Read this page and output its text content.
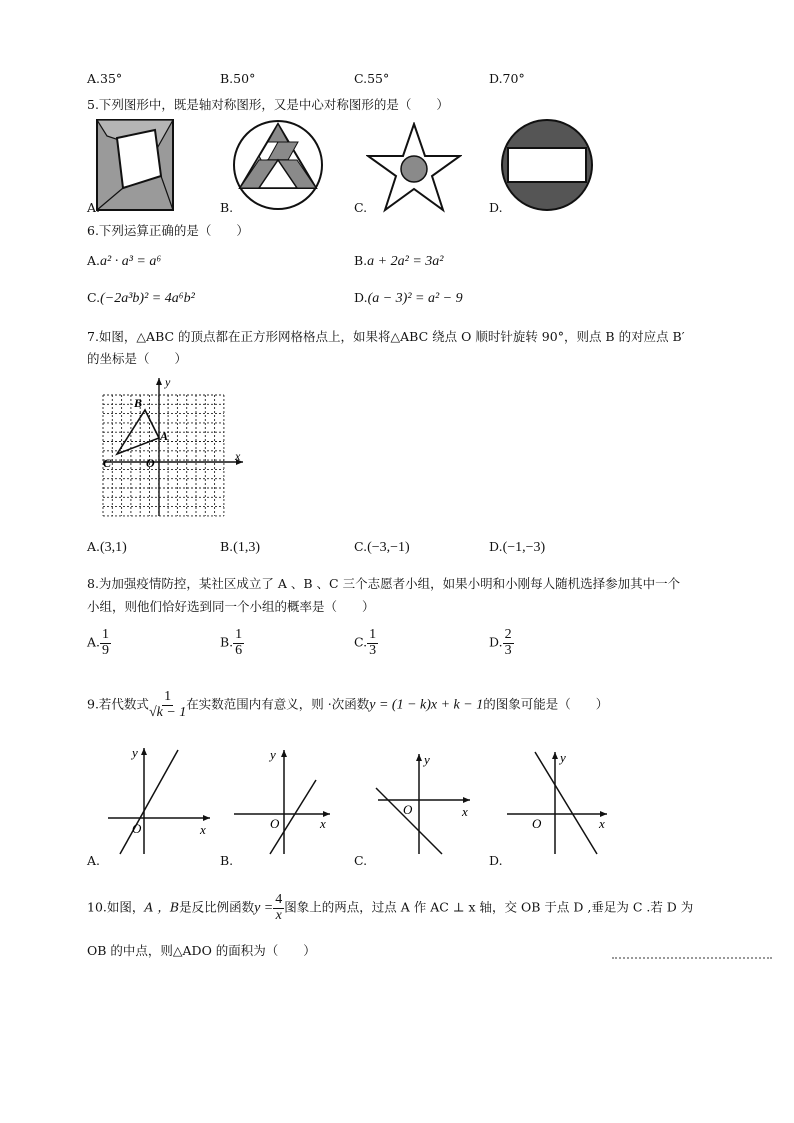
A.35°	B.50°	C.55°	D.70°
5.下列图形中，既是轴对称图形，又是中心对称图形的是（　　）
A.	B.	C.	D.
6.下列运算正确的是（　　）
A.a² · a³ = a⁶	B.a + 2a² = 3a²
C.(−2a³b)² = 4a⁶b²	D.(a − 3)² = a² − 9
7.如图，△ABC 的顶点都在正方形网格格点上，如果将△ABC 绕点 O 顺时针旋转 90°，则点 B 的对应点 B′
的坐标是（　　）
x
y
O
B
A
C
A.(3,1)	B.(1,3)	C.(−3,−1)	D.(−1,−3)
8.为加强疫情防控，某社区成立了 A 、B 、C 三个志愿者小组，如果小明和小刚每人随机选择参加其中一个
小组，则他们恰好选到同一个小组的概率是（　　）
A. $\frac{1}{9}$	B. $\frac{1}{6}$	C. $\frac{1}{3}$	D. $\frac{2}{3}$
9.若代数式 $\frac{1}{√k - 1}$ 在实数范围内有意义，则 ·次函数y = (1 − k)x + k − 1的图象可能是（　　）
x
y
O
A.
x
y
O
B.
x
y
O
C.
x
y
O
D.
10.如图，A ，B是反比例函数$y = \frac{4}{x}$ 图象上的两点，过点 A 作 AC ⊥ x 轴，交 OB 于点 D ,垂足为 C .若 D 为
OB 的中点，则△ADO 的面积为（　　）
